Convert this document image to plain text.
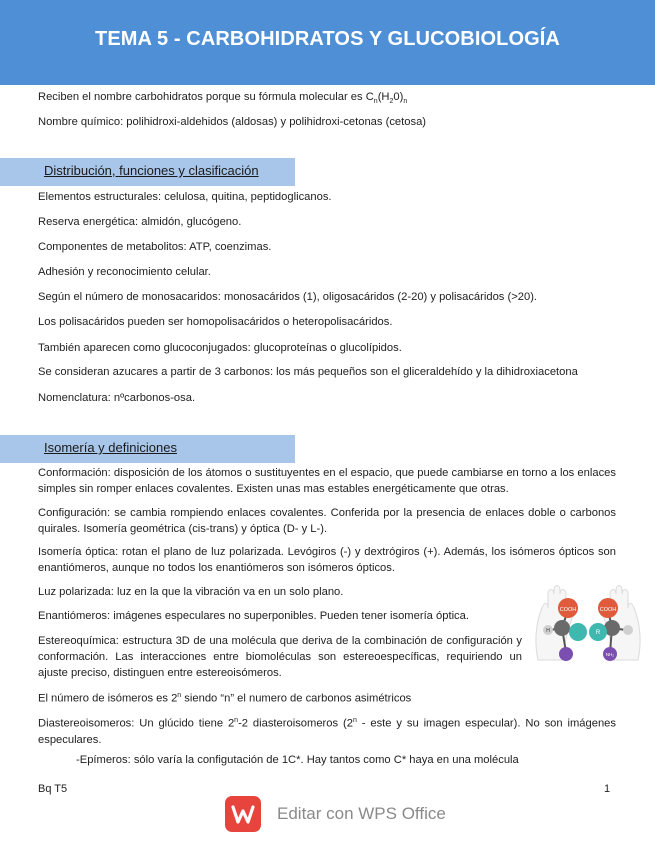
TEMA 5 - CARBOHIDRATOS Y GLUCOBIOLOGÍA

Reciben el nombre carbohidratos porque su fórmula molecular es $C_n(H_20)_n$

Nombre químico: polihidroxi-aldehidos (aldosas) y polihidroxi-cetonas (cetosa)

Distribución, funciones y clasificación

Elementos estructurales: celulosa, quitina, peptidoglicanos.

Reserva energética: almidón, glucógeno.

Componentes de metabolitos: ATP, coenzimas.

Adhesión y reconocimiento celular.

Según el número de monosacaridos: monosacáridos (1), oligosacáridos (2-20) y polisacáridos (>20).

Los polisacáridos pueden ser homopolisacáridos o heteropolisacáridos.

También aparecen como glucoconjugados: glucoproteínas o glucolípidos.

Se consideran azucares a partir de 3 carbonos: los más pequeños son el gliceraldehído y la dihidroxiacetona

Nomenclatura: nºcarbonos-osa.

Isomería y definiciones

Conformación: disposición de los átomos o sustituyentes en el espacio, que puede cambiarse en torno a los enlaces simples sin romper enlaces covalentes. Existen unas mas estables energéticamente que otras.

Configuración: se cambia rompiendo enlaces covalentes. Conferida por la presencia de enlaces doble o carbonos quirales. Isomería geométrica (cis-trans) y óptica (D- y L-).

Isomería óptica: rotan el plano de luz polarizada. Levógiros (-) y dextrógiros (+). Además, los isómeros ópticos son enantiómeros, aunque no todos los enantiómeros son isómeros ópticos.

Luz polarizada: luz en la que la vibración va en un solo plano.

Enantiómeros: imágenes especulares no superponibles. Pueden tener isomería óptica.

Estereoquímica: estructura 3D de una molécula que deriva de la combinación de configuración y conformación. Las interacciones entre biomoléculas son estereoespecíficas, requiriendo un ajuste preciso, distinguen entre estereoisómeros.

El número de isómeros es 2$^n$ siendo “n” el numero de carbonos asimétricos

Diastereoisomeros: Un glúcido tiene 2$^n$-2 diasteroisomeros (2$^n$ - este y su imagen especular). No son imágenes especulares.

-Epímeros: sólo varía la configutación de 1C*. Hay tantos como C* haya en una molécula

COOH
H
COOH
R
NH₂
Bq T5	1
Editar con WPS Office
